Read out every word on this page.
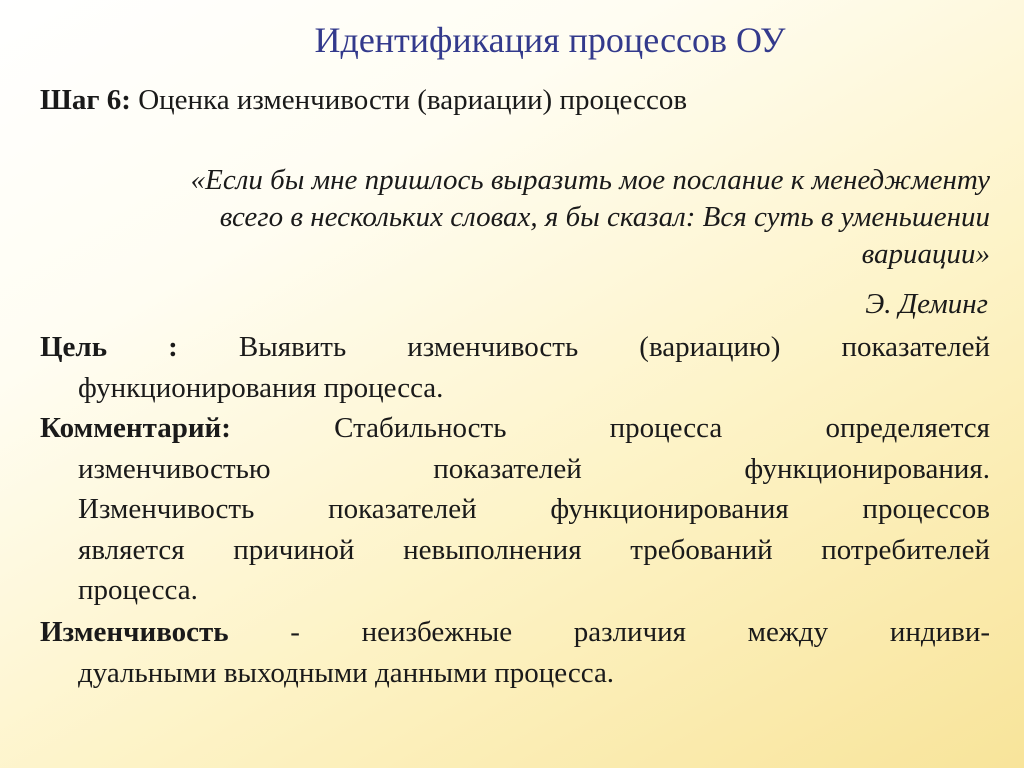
Идентификация процессов ОУ
Шаг 6: Оценка изменчивости (вариации) процессов
«Если бы мне пришлось выразить мое послание к менеджменту
всего в нескольких словах, я бы сказал: Вся суть в уменьшении
вариации»
Э. Деминг
Цель : Выявить изменчивость (вариацию) показателей
функционирования процесса.
Комментарий:	Стабильность	процесса	определяется
изменчивостью	показателей	функционирования.
Изменчивость показателей функционирования процессов
является причиной невыполнения требований потребителей
процесса.
Изменчивость - неизбежные различия между индиви-
дуальными выходными данными процесса.
